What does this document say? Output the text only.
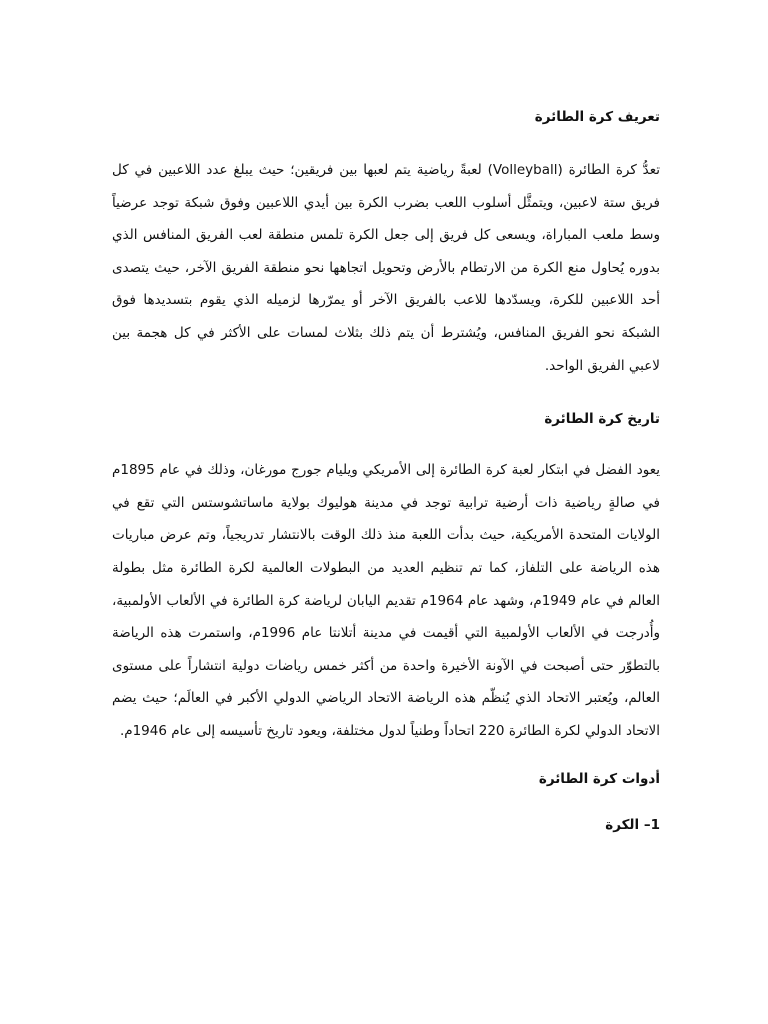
تعريف كرة الطائرة

تعدُّ كرة الطائرة (Volleyball) لعبةً رياضية يتم لعبها بين فريقين؛ حيث يبلغ عدد اللاعبين في كل فريق ستة لاعبين، ويتمثَّل أسلوب اللعب بضرب الكرة بين أيدي اللاعبين وفوق شبكة توجد عرضياً وسط ملعب المباراة، ويسعى كل فريق إلى جعل الكرة تلمس منطقة لعب الفريق المنافس الذي بدوره يُحاول منع الكرة من الارتطام بالأرض وتحويل اتجاهها نحو منطقة الفريق الآخر، حيث يتصدى أحد اللاعبين للكرة، ويسدّدها للاعب بالفريق الآخر أو يمرّرها لزميله الذي يقوم بتسديدها فوق الشبكة نحو الفريق المنافس، ويُشترط أن يتم ذلك بثلاث لمسات على الأكثر في كل هجمة بين لاعبي الفريق الواحد.

تاريخ كرة الطائرة

يعود الفضل في ابتكار لعبة كرة الطائرة إلى الأمريكي ويليام جورج مورغان، وذلك في عام 1895م في صالةٍ رياضية ذات أرضية ترابية توجد في مدينة هوليوك بولاية ماساتشوستس التي تقع في الولايات المتحدة الأمريكية، حيث بدأت اللعبة منذ ذلك الوقت بالانتشار تدريجياً، وتم عرض مباريات هذه الرياضة على التلفاز، كما تم تنظيم العديد من البطولات العالمية لكرة الطائرة مثل بطولة العالم في عام 1949م، وشهد عام 1964م تقديم اليابان لرياضة كرة الطائرة في الألعاب الأولمبية، وأُدرجت في الألعاب الأولمبية التي أقيمت في مدينة أتلانتا عام 1996م، واستمرت هذه الرياضة بالتطوّر حتى أصبحت في الآونة الأخيرة واحدة من أكثر خمس رياضات دولية انتشاراً على مستوى العالم، ويُعتبر الاتحاد الذي يُنظّم هذه الرياضة الاتحاد الرياضي الدولي الأكبر في العالَم؛ حيث يضم الاتحاد الدولي لكرة الطائرة 220 اتحاداً وطنياً لدول مختلفة، ويعود تاريخ تأسيسه إلى عام 1946م.

أدوات كرة الطائرة

1– الكرة
